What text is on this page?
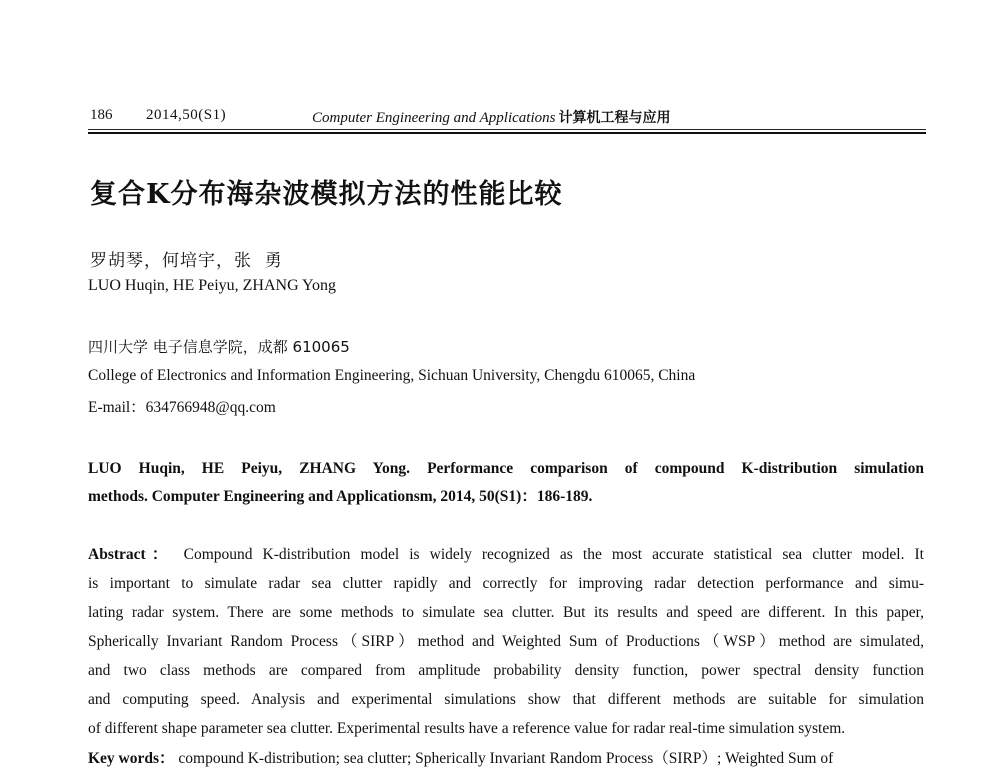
186 2014,50(S1)	Computer Engineering and Applications 计算机工程与应用
复合K分布海杂波模拟方法的性能比较
罗胡琴，何培宇，张  勇
LUO Huqin, HE Peiyu, ZHANG Yong
四川大学 电子信息学院，成都 610065
College of Electronics and Information Engineering, Sichuan University, Chengdu 610065, China
E-mail：634766948@qq.com
LUO Huqin, HE Peiyu, ZHANG Yong. Performance comparison of compound K-distribution simulation
methods. Computer Engineering and Applicationsm, 2014, 50(S1)：186-189.
Abstract： Compound K-distribution model is widely recognized as the most accurate statistical sea clutter model. It
is important to simulate radar sea clutter rapidly and correctly for improving radar detection performance and simu-
lating radar system. There are some methods to simulate sea clutter. But its results and speed are different. In this paper,
Spherically Invariant Random Process（SIRP）method and Weighted Sum of Productions（WSP）method are simulated,
and two class methods are compared from amplitude probability density function, power spectral density function
and computing speed. Analysis and experimental simulations show that different methods are suitable for simulation
of different shape parameter sea clutter. Experimental results have a reference value for radar real-time simulation system.
Key words： compound K-distribution; sea clutter; Spherically Invariant Random Process（SIRP）; Weighted Sum of
